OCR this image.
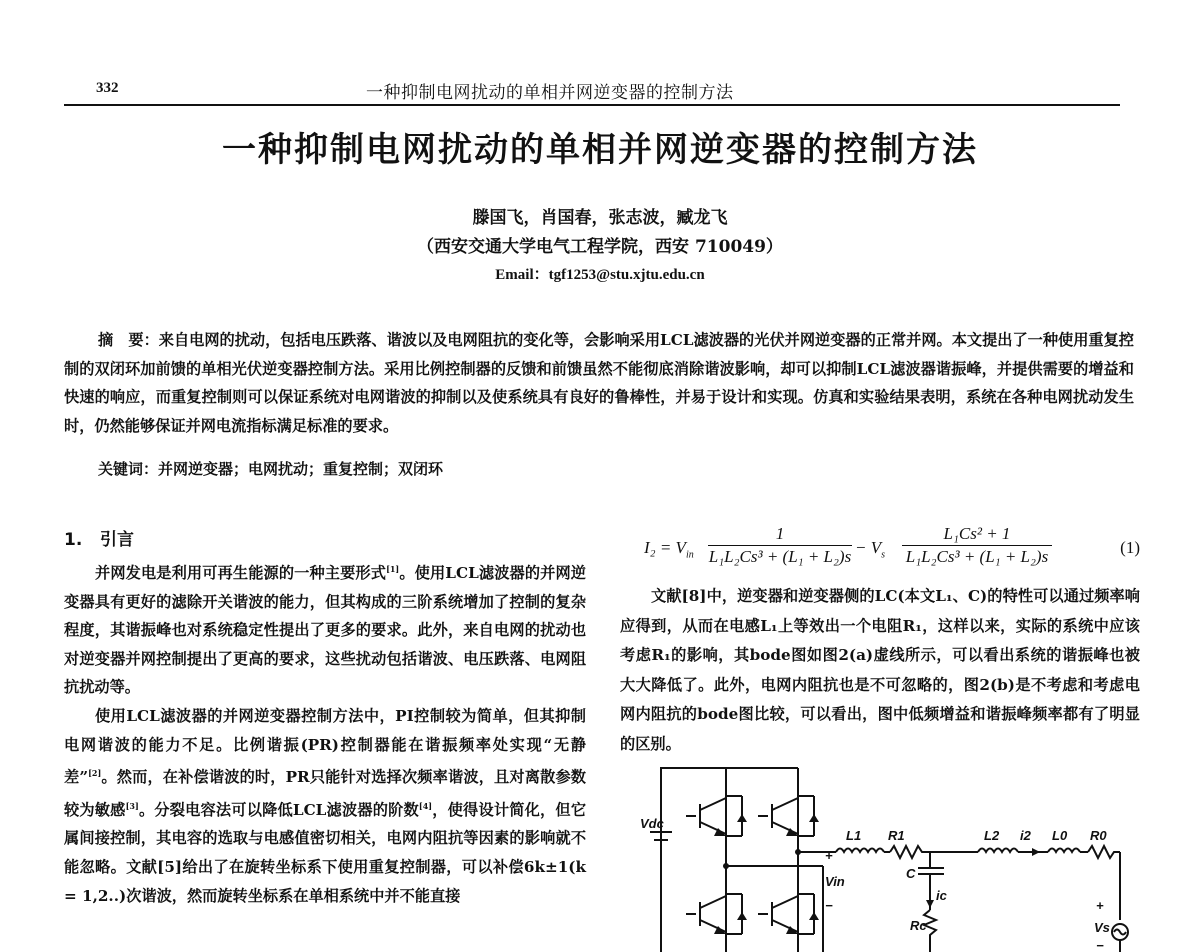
332	一种抑制电网扰动的单相并网逆变器的控制方法
一种抑制电网扰动的单相并网逆变器的控制方法
滕国飞，肖国春，张志波，臧龙飞
（西安交通大学电气工程学院，西安 710049）
Email：tgf1253@stu.xjtu.edu.cn
摘　要：来自电网的扰动，包括电压跌落、谐波以及电网阻抗的变化等，会影响采用LCL滤波器的光伏并网逆变器的正常并网。本文提出了一种使用重复控制的双闭环加前馈的单相光伏逆变器控制方法。采用比例控制器的反馈和前馈虽然不能彻底消除谐波影响，却可以抑制LCL滤波器谐振峰，并提供需要的增益和快速的响应，而重复控制则可以保证系统对电网谐波的抑制以及使系统具有良好的鲁棒性，并易于设计和实现。仿真和实验结果表明，系统在各种电网扰动发生时，仍然能够保证并网电流指标满足标准的要求。
关键词：并网逆变器；电网扰动；重复控制；双闭环
1. 引言

并网发电是利用可再生能源的一种主要形式[1]。使用LCL滤波器的并网逆变器具有更好的滤除开关谐波的能力，但其构成的三阶系统增加了控制的复杂程度，其谐振峰也对系统稳定性提出了更多的要求。此外，来自电网的扰动也对逆变器并网控制提出了更高的要求，这些扰动包括谐波、电压跌落、电网阻抗扰动等。

使用LCL滤波器的并网逆变器控制方法中，PI控制较为简单，但其抑制电网谐波的能力不足。比例谐振(PR)控制器能在谐振频率处实现“无静差”[2]。然而，在补偿谐波的时，PR只能针对选择次频率谐波，且对离散参数较为敏感[3]。分裂电容法可以降低LCL滤波器的阶数[4]，使得设计简化，但它属间接控制，其电容的选取与电感值密切相关，电网内阻抗等因素的影响就不能忽略。文献[5]给出了在旋转坐标系下使用重复控制器，可以补偿6k±1(k = 1,2..)次谐波，然而旋转坐标系在单相系统中并不能直接

$I_2 = V_{in} \frac{1}{\text{L₁L₂Cs³ + (L₁ + L₂)s}} - V_s \frac{\text{L₁Cs² + 1}}{\text{L₁L₂Cs³ + (L₁ + L₂)s}}$	(1)

文献[8]中，逆变器和逆变器侧的LC(本文L₁、C)的特性可以通过频率响应得到，从而在电感L₁上等效出一个电阻R₁，这样以来，实际的系统中应该考虑R₁的影响，其bode图如图2(a)虚线所示，可以看出系统的谐振峰也被大大降低了。此外，电网内阻抗也是不可忽略的，图2(b)是不考虑和考虑电网内阻抗的bode图比较，可以看出，图中低频增益和谐振峰频率都有了明显的区别。

Vdc
L1 R1
C
ic
Rc
Vin
+
−
L2 i2 L0 R0
+
Vs
−
